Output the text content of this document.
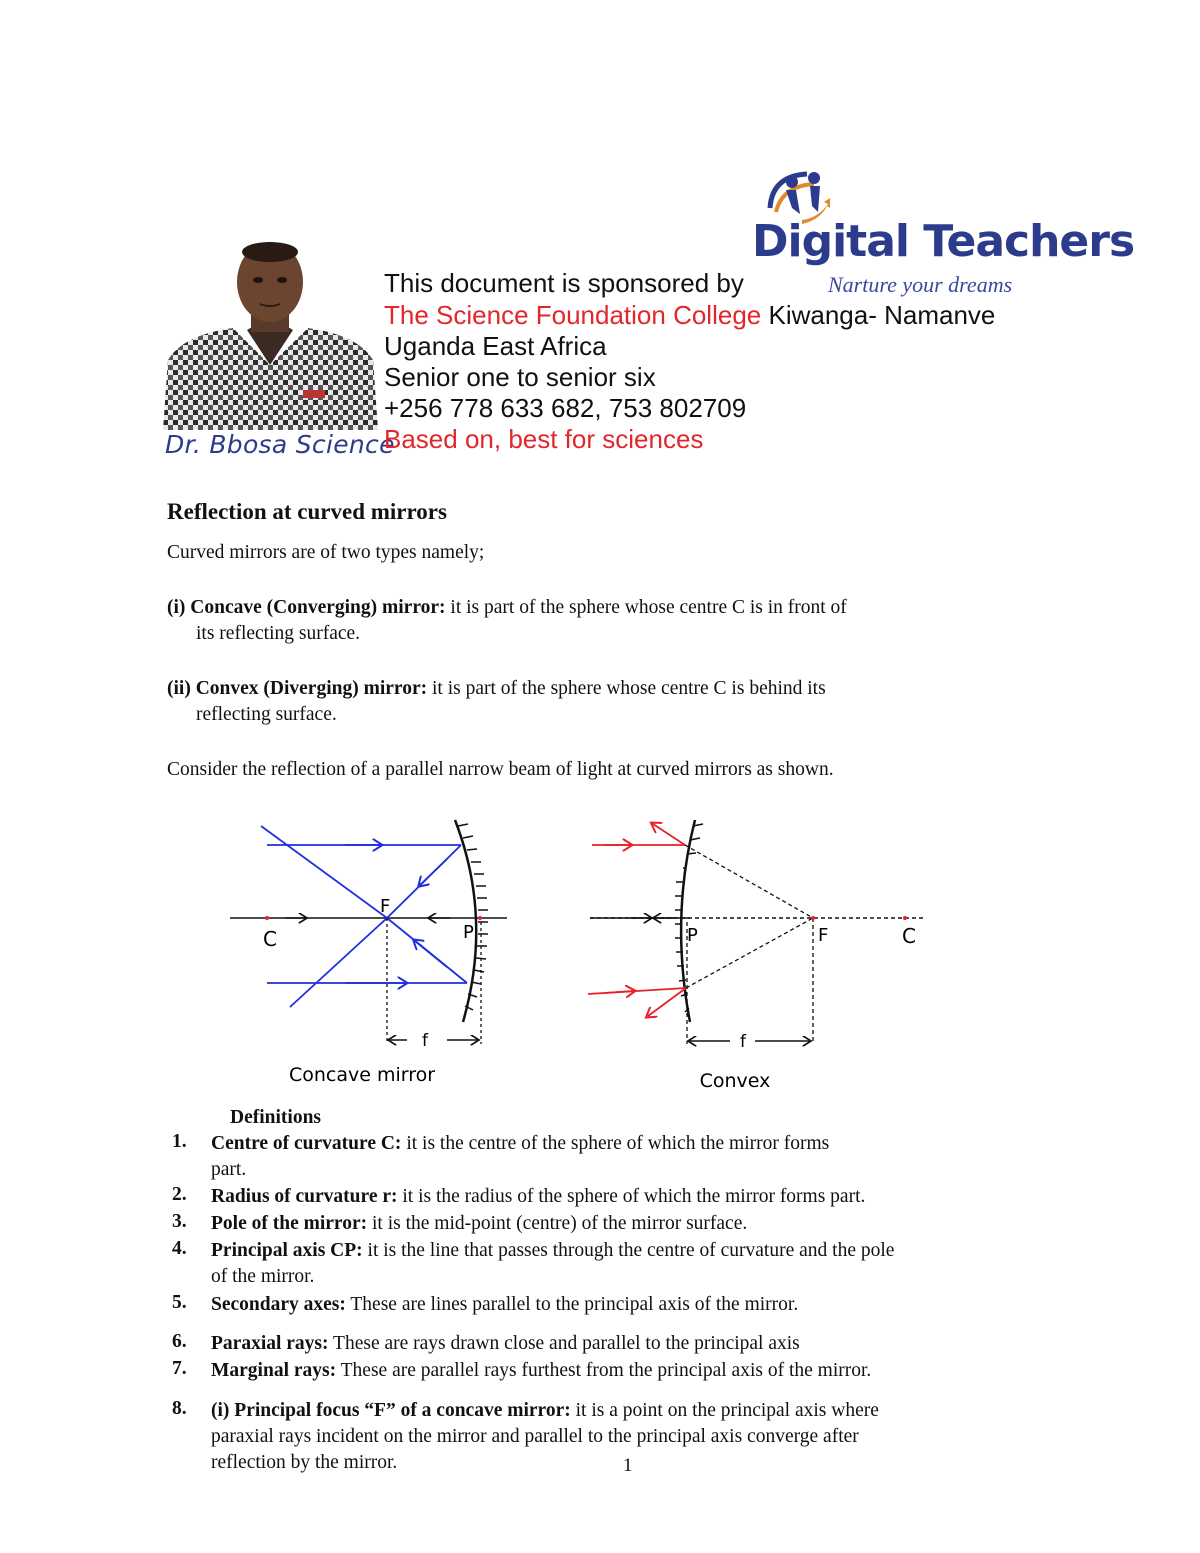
Dr. Bbosa Science
Digital Teachers
Narture your dreams
This document is sponsored by
The Science Foundation College Kiwanga- Namanve
Uganda East Africa
Senior one to senior six
+256 778 633 682, 753 802709
Based on, best for sciences
Reflection at curved mirrors
Curved mirrors are of two types namely;
(i) Concave (Converging) mirror: it is part of the sphere whose centre C is in front of
its reflecting surface.
(ii) Convex (Diverging) mirror: it is part of the sphere whose centre C is behind its
reflecting surface.
Consider the reflection of a parallel narrow beam of light at curved mirrors as shown.
C
F
P
f
P	F	C
f
Concave mirror	Convex
Definitions
1. Centre of curvature C: it is the centre of the sphere of which the mirror forms
part.
2. Radius of curvature r: it is the radius of the sphere of which the mirror forms part.
3. Pole of the mirror: it is the mid-point (centre) of the mirror surface.
4. Principal axis CP: it is the line that passes through the centre of curvature and the pole
of the mirror.
5. Secondary axes: These are lines parallel to the principal axis of the mirror.
6. Paraxial rays: These are rays drawn close and parallel to the principal axis
7. Marginal rays: These are parallel rays furthest from the principal axis of the mirror.
8. (i) Principal focus “F” of a concave mirror: it is a point on the principal axis where
paraxial rays incident on the mirror and parallel to the principal axis converge after
reflection by the mirror.	1
